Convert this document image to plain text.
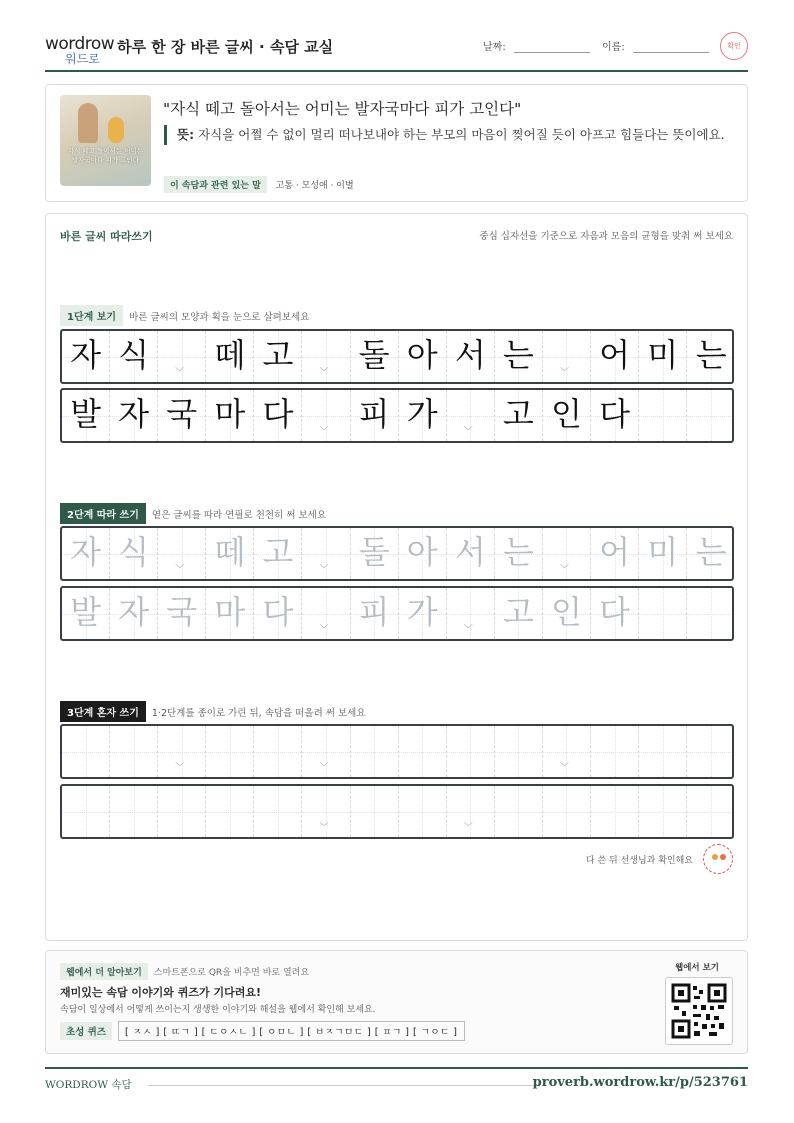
wordrow
워드로
하루 한 장 바른 글씨 · 속담 교실	날짜:	이름:	확인
자식 떼고 돌아서는 어미는 발자국마다 피가 고인다
"자식 떼고 돌아서는 어미는 발자국마다 피가 고인다"
뜻: 자식을 어쩔 수 없이 멀리 떠나보내야 하는 부모의 마음이 찢어질 듯이 아프고 힘들다는 뜻이에요.
이 속담과 관련 있는 말 고통 · 모성애 · 이별
바른 글씨 따라쓰기	중심 십자선을 기준으로 자음과 모음의 균형을 맞춰 써 보세요
1단계 보기 바른 글씨의 모양과 획을 눈으로 살펴보세요
자 식	﹀ 떼 고	﹀ 돌 아 서 는	﹀ 어 미 는
발 자 국 마 다	﹀ 피 가	﹀ 고 인 다
2단계 따라 쓰기 옅은 글씨를 따라 연필로 천천히 써 보세요
자 식	﹀ 떼 고	﹀ 돌 아 서 는	﹀ 어 미 는
발 자 국 마 다	﹀ 피 가	﹀ 고 인 다
3단계 혼자 쓰기 1·2단계를 종이로 가린 뒤, 속담을 떠올려 써 보세요
﹀	﹀	﹀
﹀	﹀
다 쓴 뒤 선생님과 확인해요
웹에서 더 알아보기 스마트폰으로 QR을 비추면 바로 열려요
재미있는 속담 이야기와 퀴즈가 기다려요!
속담이 일상에서 어떻게 쓰이는지 생생한 이야기와 해설을 웹에서 확인해 보세요.
초성 퀴즈 [ ㅈㅅ ] [ ㄸㄱ ] [ ㄷㅇㅅㄴ ] [ ㅇㅁㄴ ] [ ㅂㅈㄱㅁㄷ ] [ ㅍㄱ ] [ ㄱㅇㄷ ]
웹에서 보기
WORDROW 속담	proverb.wordrow.kr/p/523761
